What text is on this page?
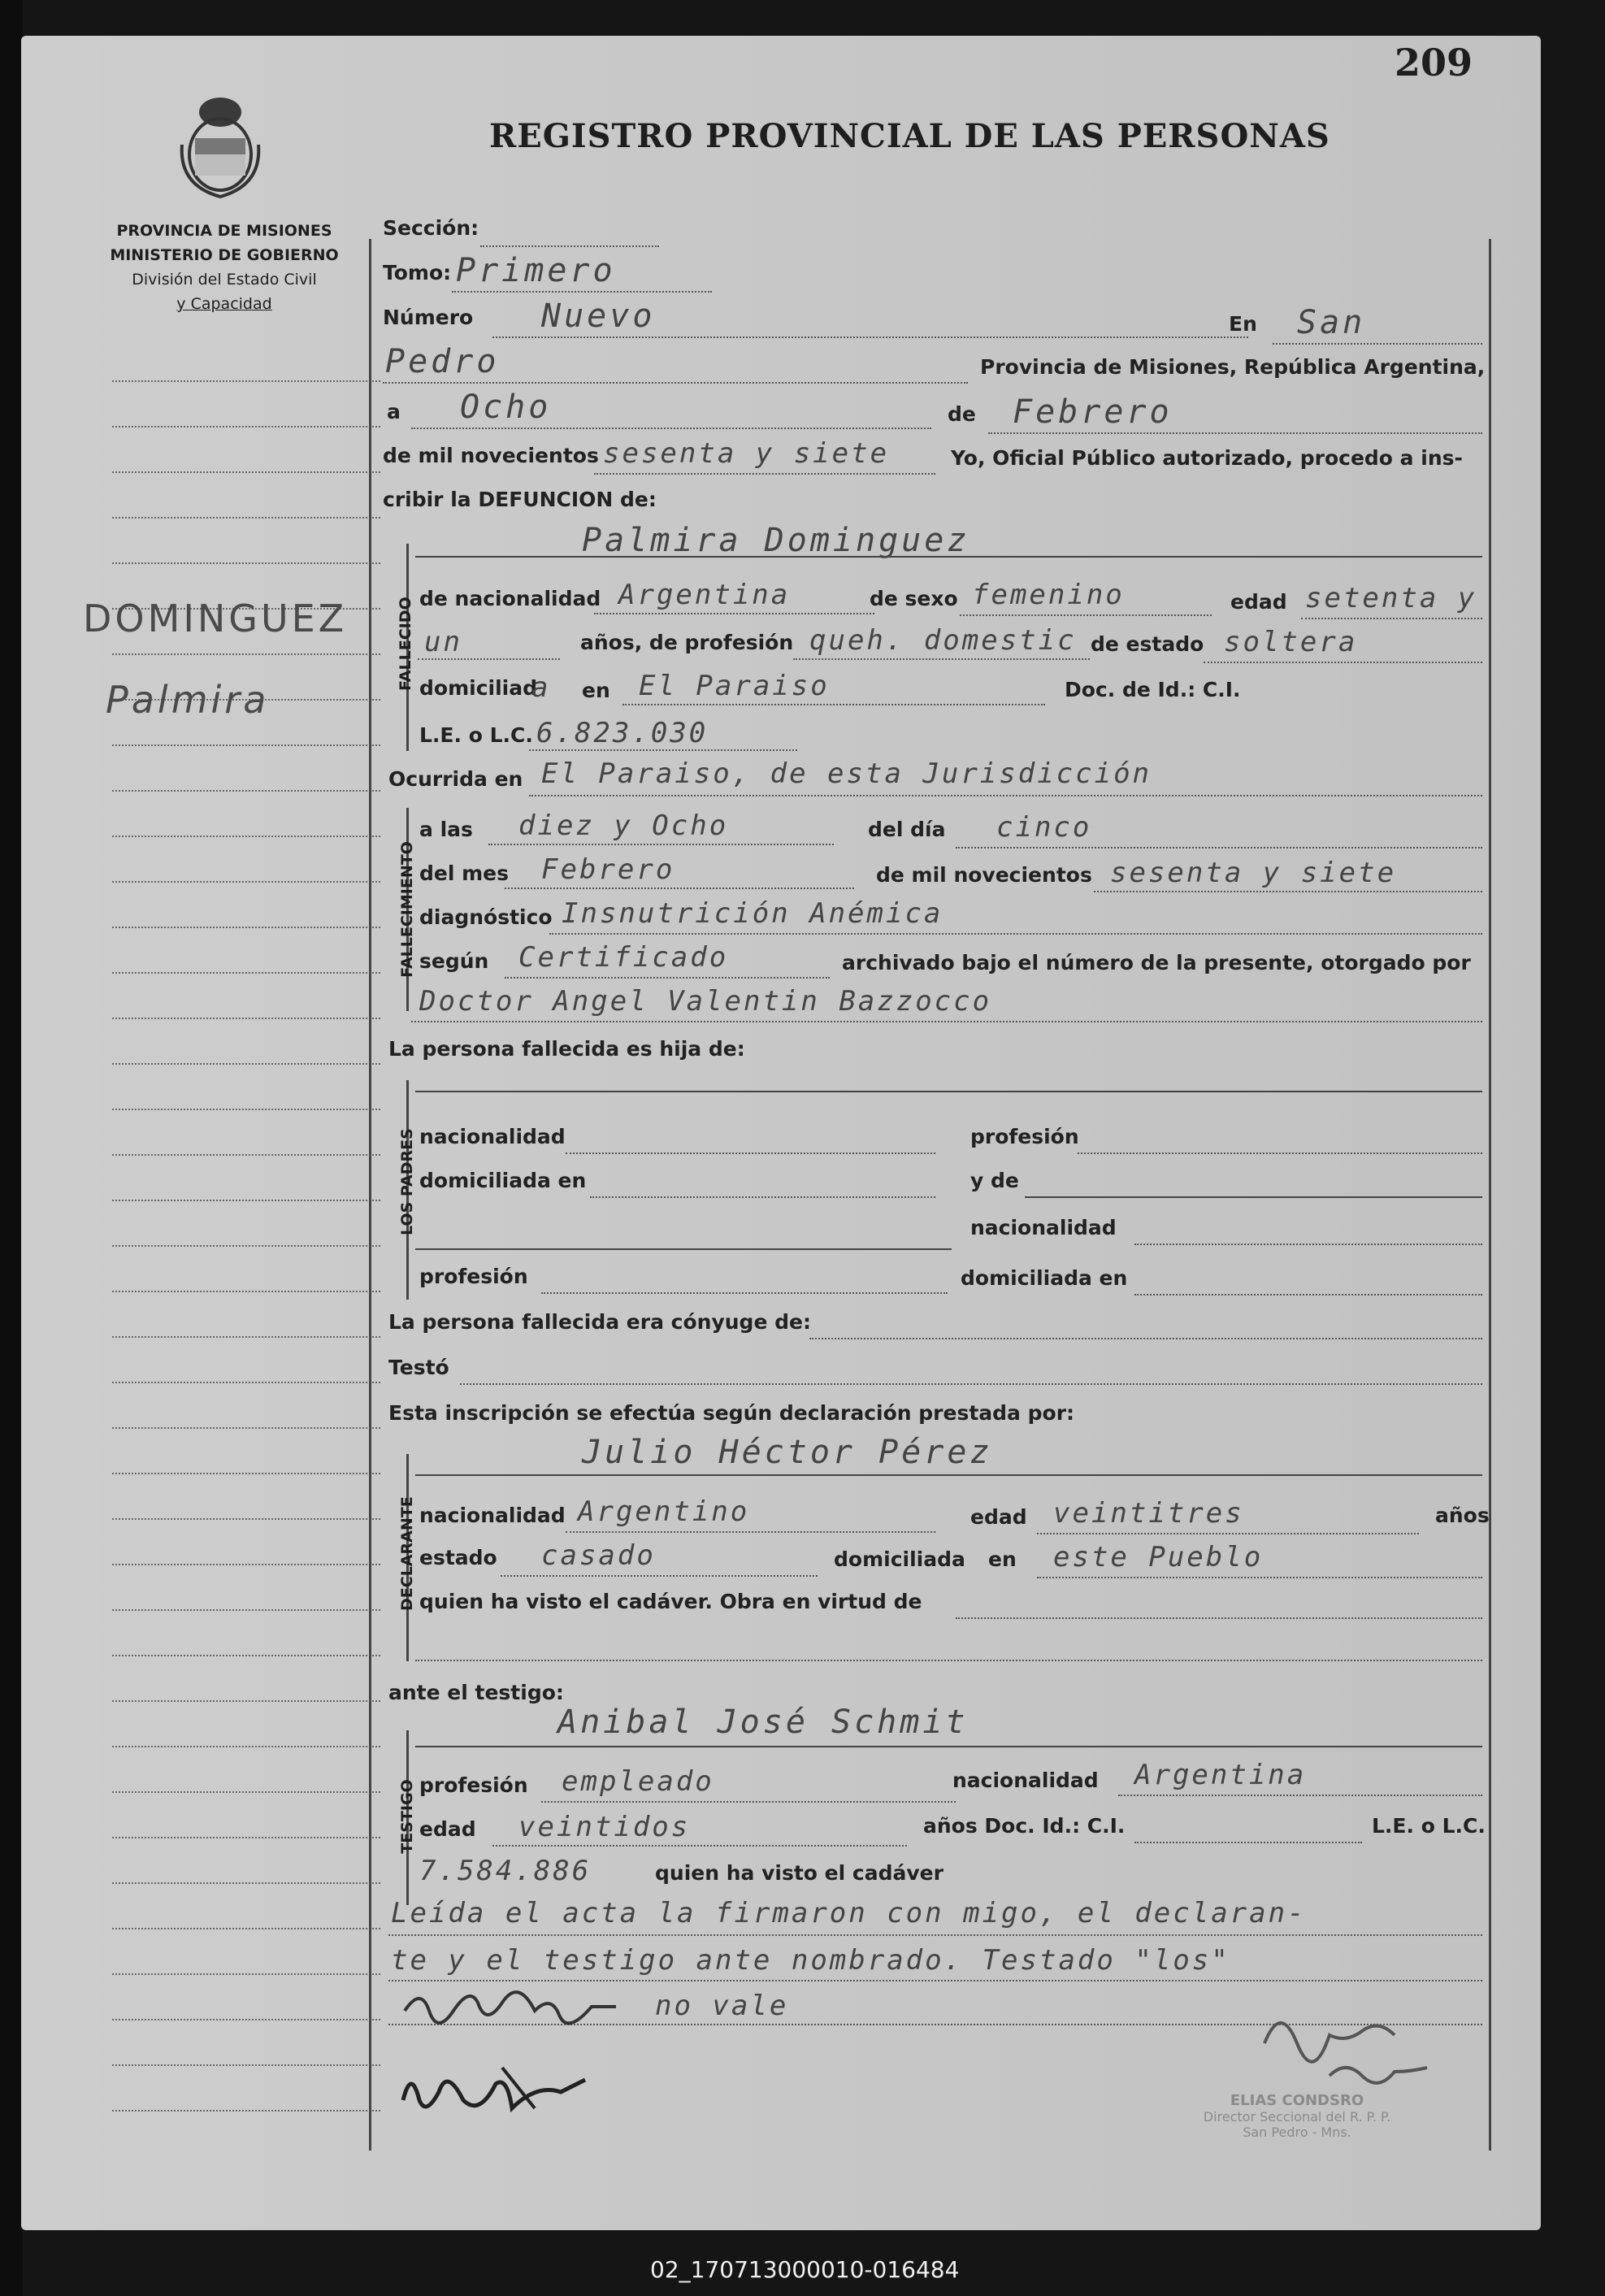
209
REGISTRO PROVINCIAL DE LAS PERSONAS
PROVINCIA DE MISIONES
MINISTERIO DE GOBIERNO
División del Estado Civil
y Capacidad
DOMINGUEZ
Palmira
Sección:
Tomo: Primero
Número Nuevo	En San
Pedro	Provincia de Misiones, República Argentina,
a Ocho	de Febrero
de mil novecientos sesenta y siete	Yo, Oficial Público autorizado, procedo a ins-
cribir la DEFUNCION de:
FALLECIDO
Palmira Dominguez
de nacionalidad Argentina	de sexo femenino	edad setenta y
un	años, de profesión queh. domestic de estado soltera
domiciliad
a en El Paraiso	Doc. de Id.: C.I.
L.E. o L.C. 6.823.030
Ocurrida en El Paraiso, de esta Jurisdicción
FALLECIMIENTO
a las diez y Ocho	del día cinco
del mes Febrero	de mil novecientos sesenta y siete
diagnóstico Insnutrición Anémica
según Certificado	archivado bajo el número de la presente, otorgado por
Doctor Angel Valentin Bazzocco
La persona fallecida es hija de:
LOS PADRES nacionalidad	profesión
domiciliada en	y de
nacionalidad
profesión	domiciliada en
La persona fallecida era cónyuge de:
Testó
Esta inscripción se efectúa según declaración prestada por:
DECLARANTE
Julio Héctor Pérez
nacionalidad Argentino	edad veintitres	años
estado casado	domiciliada en este Pueblo
quien ha visto el cadáver. Obra en virtud de
ante el testigo:
TESTIGO
Anibal José Schmit
profesión empleado	nacionalidad Argentina
edad veintidos	años Doc. Id.: C.I.	L.E. o L.C.
7.584.886	quien ha visto el cadáver
Leída el acta la firmaron con migo, el declaran-
te y el testigo ante nombrado. Testado "los"
no vale
ELIAS CONDSRO
Director Seccional del R. P. P.
San Pedro - Mns.
02_170713000010-016484
